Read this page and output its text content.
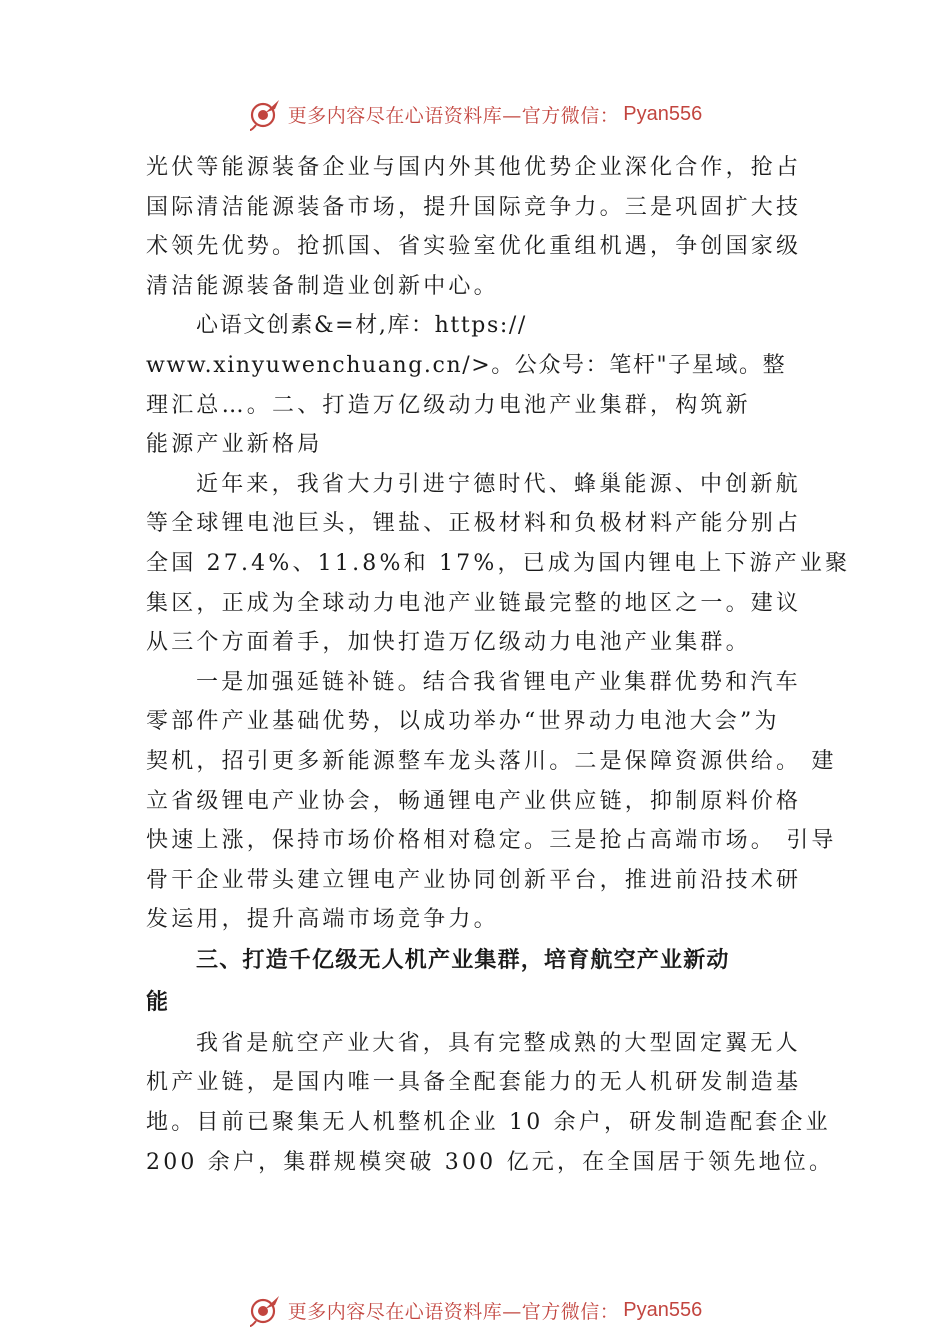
更多内容尽在心语资料库—官方微信： Pyan556
光伏等能源装备企业与国内外其他优势企业深化合作，抢占
国际清洁能源装备市场，提升国际竞争力。三是巩固扩大技
术领先优势。抢抓国、省实验室优化重组机遇，争创国家级
清洁能源装备制造业创新中心。
心语文创素&=材,库：https://
www.xinyuwenchuang.cn/>。公众号：笔杆"子星域。整
理汇总…。二、打造万亿级动力电池产业集群，构筑新
能源产业新格局
近年来，我省大力引进宁德时代、蜂巢能源、中创新航
等全球锂电池巨头，锂盐、正极材料和负极材料产能分别占
全国 27.4%、11.8%和 17%，已成为国内锂电上下游产业聚
集区，正成为全球动力电池产业链最完整的地区之一。建议
从三个方面着手，加快打造万亿级动力电池产业集群。
一是加强延链补链。结合我省锂电产业集群优势和汽车
零部件产业基础优势，以成功举办“世界动力电池大会”为
契机，招引更多新能源整车龙头落川。二是保障资源供给。 建
立省级锂电产业协会，畅通锂电产业供应链，抑制原料价格
快速上涨，保持市场价格相对稳定。三是抢占高端市场。 引导
骨干企业带头建立锂电产业协同创新平台，推进前沿技术研
发运用，提升高端市场竞争力。
三、打造千亿级无人机产业集群，培育航空产业新动
能
我省是航空产业大省，具有完整成熟的大型固定翼无人
机产业链，是国内唯一具备全配套能力的无人机研发制造基
地。目前已聚集无人机整机企业 10 余户，研发制造配套企业
200 余户，集群规模突破 300 亿元，在全国居于领先地位。
更多内容尽在心语资料库—官方微信： Pyan556
